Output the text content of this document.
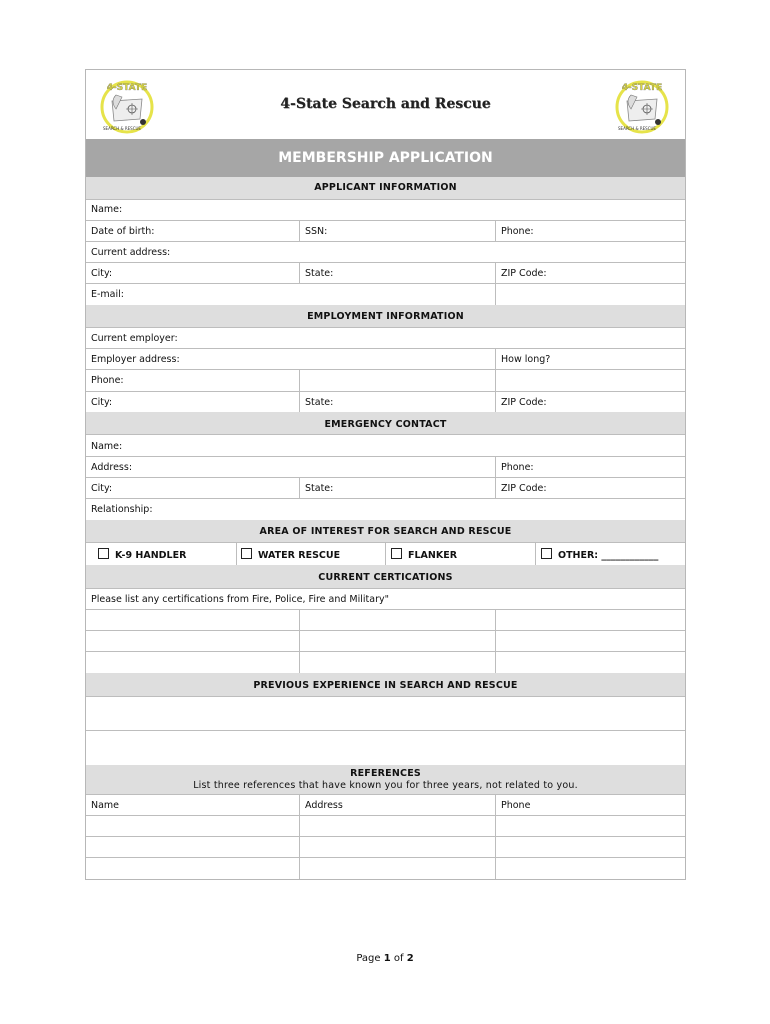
4-STATE
SEARCH & RESCUE
4-STATE
SEARCH & RESCUE
4-State Search and Rescue
MEMBERSHIP APPLICATION
APPLICANT INFORMATION
Name:
Date of birth:	SSN:	Phone:
Current address:
City:	State:	ZIP Code:
E-mail:
EMPLOYMENT INFORMATION
Current employer:
Employer address:	How long?
Phone:
City:	State:	ZIP Code:
EMERGENCY CONTACT
Name:
Address:	Phone:
City:	State:	ZIP Code:
Relationship:
AREA OF INTEREST FOR SEARCH AND RESCUE
K-9 HANDLER	WATER RESCUE	FLANKER	OTHER: ____________
CURRENT CERTICATIONS
Please list any certifications from Fire, Police, Fire and Military"
PREVIOUS EXPERIENCE IN SEARCH AND RESCUE
REFERENCES
List three references that have known you for three years, not related to you.
Name	Address	Phone
Page 1 of 2
